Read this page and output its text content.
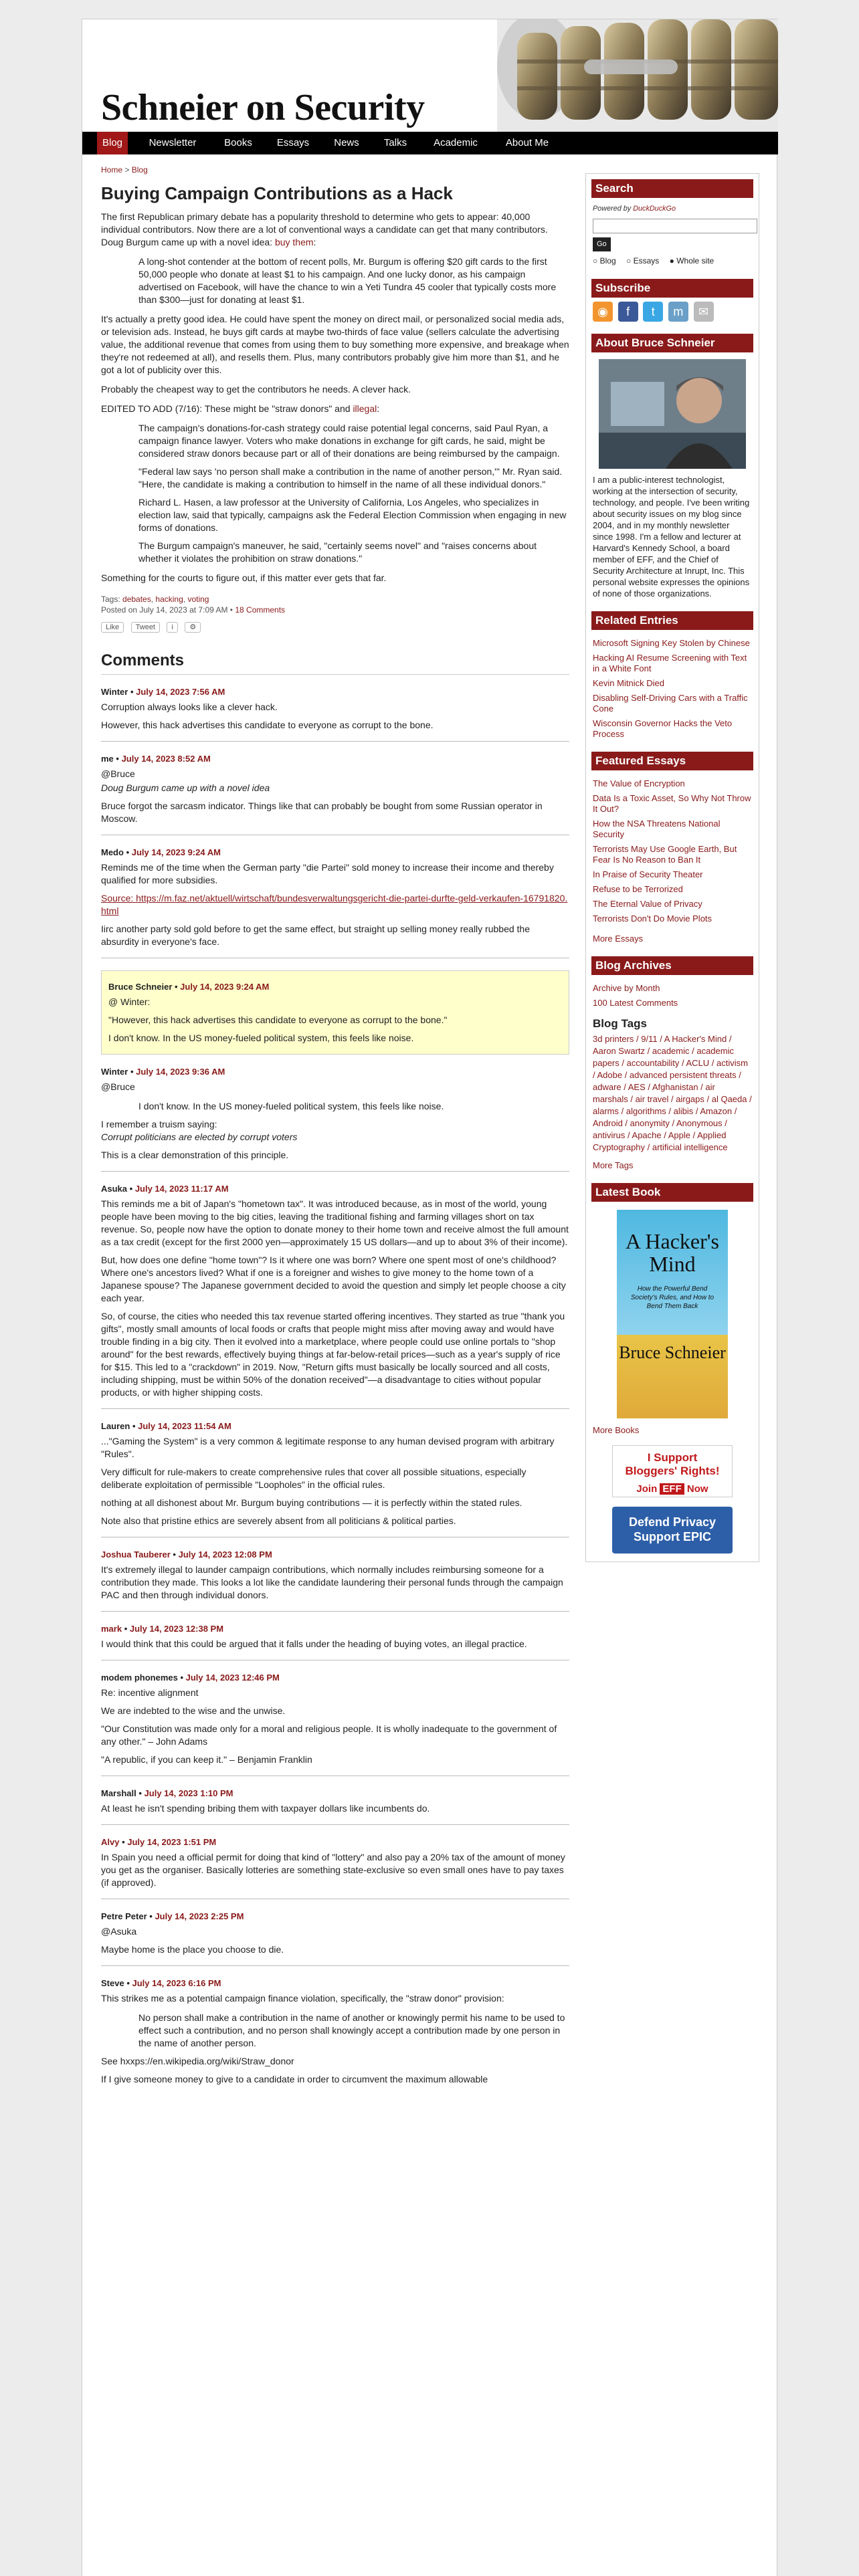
Schneier on Security
Blog	Newsletter	Books	Essays	News	Talks	Academic	About Me
Home > Blog
Buying Campaign Contributions as a Hack

The first Republican primary debate has a popularity threshold to determine who gets to appear: 40,000 individual contributors. Now there are a lot of conventional ways a candidate can get that many contributors. Doug Burgum came up with a novel idea: buy them:

A long-shot contender at the bottom of recent polls, Mr. Burgum is offering $20 gift cards to the first 50,000 people who donate at least $1 to his campaign. And one lucky donor, as his campaign advertised on Facebook, will have the chance to win a Yeti Tundra 45 cooler that typically costs more than $300—just for donating at least $1.

It's actually a pretty good idea. He could have spent the money on direct mail, or personalized social media ads, or television ads. Instead, he buys gift cards at maybe two-thirds of face value (sellers calculate the advertising value, the additional revenue that comes from using them to buy something more expensive, and breakage when they're not redeemed at all), and resells them. Plus, many contributors probably give him more than $1, and he got a lot of publicity over this.

Probably the cheapest way to get the contributors he needs. A clever hack.

EDITED TO ADD (7/16): These might be "straw donors" and illegal:

The campaign's donations-for-cash strategy could raise potential legal concerns, said Paul Ryan, a campaign finance lawyer. Voters who make donations in exchange for gift cards, he said, might be considered straw donors because part or all of their donations are being reimbursed by the campaign.

"Federal law says 'no person shall make a contribution in the name of another person,'" Mr. Ryan said. "Here, the candidate is making a contribution to himself in the name of all these individual donors."

Richard L. Hasen, a law professor at the University of California, Los Angeles, who specializes in election law, said that typically, campaigns ask the Federal Election Commission when engaging in new forms of donations.

The Burgum campaign's maneuver, he said, "certainly seems novel" and "raises concerns about whether it violates the prohibition on straw donations."

Something for the courts to figure out, if this matter ever gets that far.

Tags: debates, hacking, voting
Posted on July 14, 2023 at 7:09 AM • 18 Comments
Like Tweet i ⚙
Comments
Winter • July 14, 2023 7:56 AM

Corruption always looks like a clever hack.

However, this hack advertises this candidate to everyone as corrupt to the bone.

me • July 14, 2023 8:52 AM

@Bruce

Doug Burgum came up with a novel idea

Bruce forgot the sarcasm indicator. Things like that can probably be bought from some Russian operator in Moscow.

Medo • July 14, 2023 9:24 AM

Reminds me of the time when the German party "die Partei" sold money to increase their income and thereby qualified for more subsidies.

Source: https://m.faz.net/aktuell/wirtschaft/bundesverwaltungsgericht-die-partei-durfte-geld-verkaufen-16791820.html

Iirc another party sold gold before to get the same effect, but straight up selling money really rubbed the absurdity in everyone's face.

Bruce Schneier • July 14, 2023 9:24 AM

@ Winter:

"However, this hack advertises this candidate to everyone as corrupt to the bone."

I don't know. In the US money-fueled political system, this feels like noise.

Winter • July 14, 2023 9:36 AM

@Bruce

I don't know. In the US money-fueled political system, this feels like noise.

I remember a truism saying:

Corrupt politicians are elected by corrupt voters

This is a clear demonstration of this principle.

Asuka • July 14, 2023 11:17 AM

This reminds me a bit of Japan's "hometown tax". It was introduced because, as in most of the world, young people have been moving to the big cities, leaving the traditional fishing and farming villages short on tax revenue. So, people now have the option to donate money to their home town and receive almost the full amount as a tax credit (except for the first 2000 yen—approximately 15 US dollars—and up to about 3% of their income).

But, how does one define "home town"? Is it where one was born? Where one spent most of one's childhood? Where one's ancestors lived? What if one is a foreigner and wishes to give money to the home town of a Japanese spouse? The Japanese government decided to avoid the question and simply let people choose a city each year.

So, of course, the cities who needed this tax revenue started offering incentives. They started as true "thank you gifts", mostly small amounts of local foods or crafts that people might miss after moving away and would have trouble finding in a big city. Then it evolved into a marketplace, where people could use online portals to "shop around" for the best rewards, effectively buying things at far-below-retail prices—such as a year's supply of rice for $15. This led to a "crackdown" in 2019. Now, "Return gifts must basically be locally sourced and all costs, including shipping, must be within 50% of the donation received"—a disadvantage to cities without popular products, or with higher shipping costs.

Lauren • July 14, 2023 11:54 AM

..."Gaming the System" is a very common & legitimate response to any human devised program with arbitrary "Rules".

Very difficult for rule-makers to create comprehensive rules that cover all possible situations, especially deliberate exploitation of permissible "Loopholes" in the official rules.

nothing at all dishonest about Mr. Burgum buying contributions — it is perfectly within the stated rules.

Note also that pristine ethics are severely absent from all politicians & political parties.

Joshua Tauberer • July 14, 2023 12:08 PM

It's extremely illegal to launder campaign contributions, which normally includes reimbursing someone for a contribution they made. This looks a lot like the candidate laundering their personal funds through the campaign PAC and then through individual donors.

mark • July 14, 2023 12:38 PM

I would think that this could be argued that it falls under the heading of buying votes, an illegal practice.

modem phonemes • July 14, 2023 12:46 PM

Re: incentive alignment

We are indebted to the wise and the unwise.

"Our Constitution was made only for a moral and religious people. It is wholly inadequate to the government of any other." – John Adams

"A republic, if you can keep it." – Benjamin Franklin

Marshall • July 14, 2023 1:10 PM

At least he isn't spending bribing them with taxpayer dollars like incumbents do.

Alvy • July 14, 2023 1:51 PM

In Spain you need a official permit for doing that kind of "lottery" and also pay a 20% tax of the amount of money you get as the organiser. Basically lotteries are something state-exclusive so even small ones have to pay taxes (if approved).

Petre Peter • July 14, 2023 2:25 PM

@Asuka

Maybe home is the place you choose to die.

Steve • July 14, 2023 6:16 PM

This strikes me as a potential campaign finance violation, specifically, the "straw donor" provision:

No person shall make a contribution in the name of another or knowingly permit his name to be used to effect such a contribution, and no person shall knowingly accept a contribution made by one person in the name of another person.

See hxxps://en.wikipedia.org/wiki/Straw_donor

If I give someone money to give to a candidate in order to circumvent the maximum allowable

Search
Powered by DuckDuckGo
Go
○ Blog ○ Essays ● Whole site
Subscribe
◉ f t m ✉
About Bruce Schneier
I am a public-interest technologist, working at the intersection of security, technology, and people. I've been writing about security issues on my blog since 2004, and in my monthly newsletter since 1998. I'm a fellow and lecturer at Harvard's Kennedy School, a board member of EFF, and the Chief of Security Architecture at Inrupt, Inc. This personal website expresses the opinions of none of those organizations.
Related Entries
Microsoft Signing Key Stolen by Chinese
Hacking AI Resume Screening with Text in a White Font
Kevin Mitnick Died
Disabling Self-Driving Cars with a Traffic Cone
Wisconsin Governor Hacks the Veto Process
Featured Essays
The Value of Encryption
Data Is a Toxic Asset, So Why Not Throw It Out?
How the NSA Threatens National Security
Terrorists May Use Google Earth, But Fear Is No Reason to Ban It
In Praise of Security Theater
Refuse to be Terrorized
The Eternal Value of Privacy
Terrorists Don't Do Movie Plots
More Essays
Blog Archives
Archive by Month
100 Latest Comments
Blog Tags
3d printers / 9/11 / A Hacker's Mind / Aaron Swartz / academic / academic papers / accountability / ACLU / activism / Adobe / advanced persistent threats / adware / AES / Afghanistan / air marshals / air travel / airgaps / al Qaeda / alarms / algorithms / alibis / Amazon / Android / anonymity / Anonymous / antivirus / Apache / Apple / Applied Cryptography / artificial intelligence
More Tags
Latest Book
A Hacker's Mind
How the Powerful Bend Society's Rules, and How to Bend Them Back
Bruce Schneier
More Books
I Support
Bloggers' Rights!
Join EFF Now
Defend Privacy
Support EPIC
